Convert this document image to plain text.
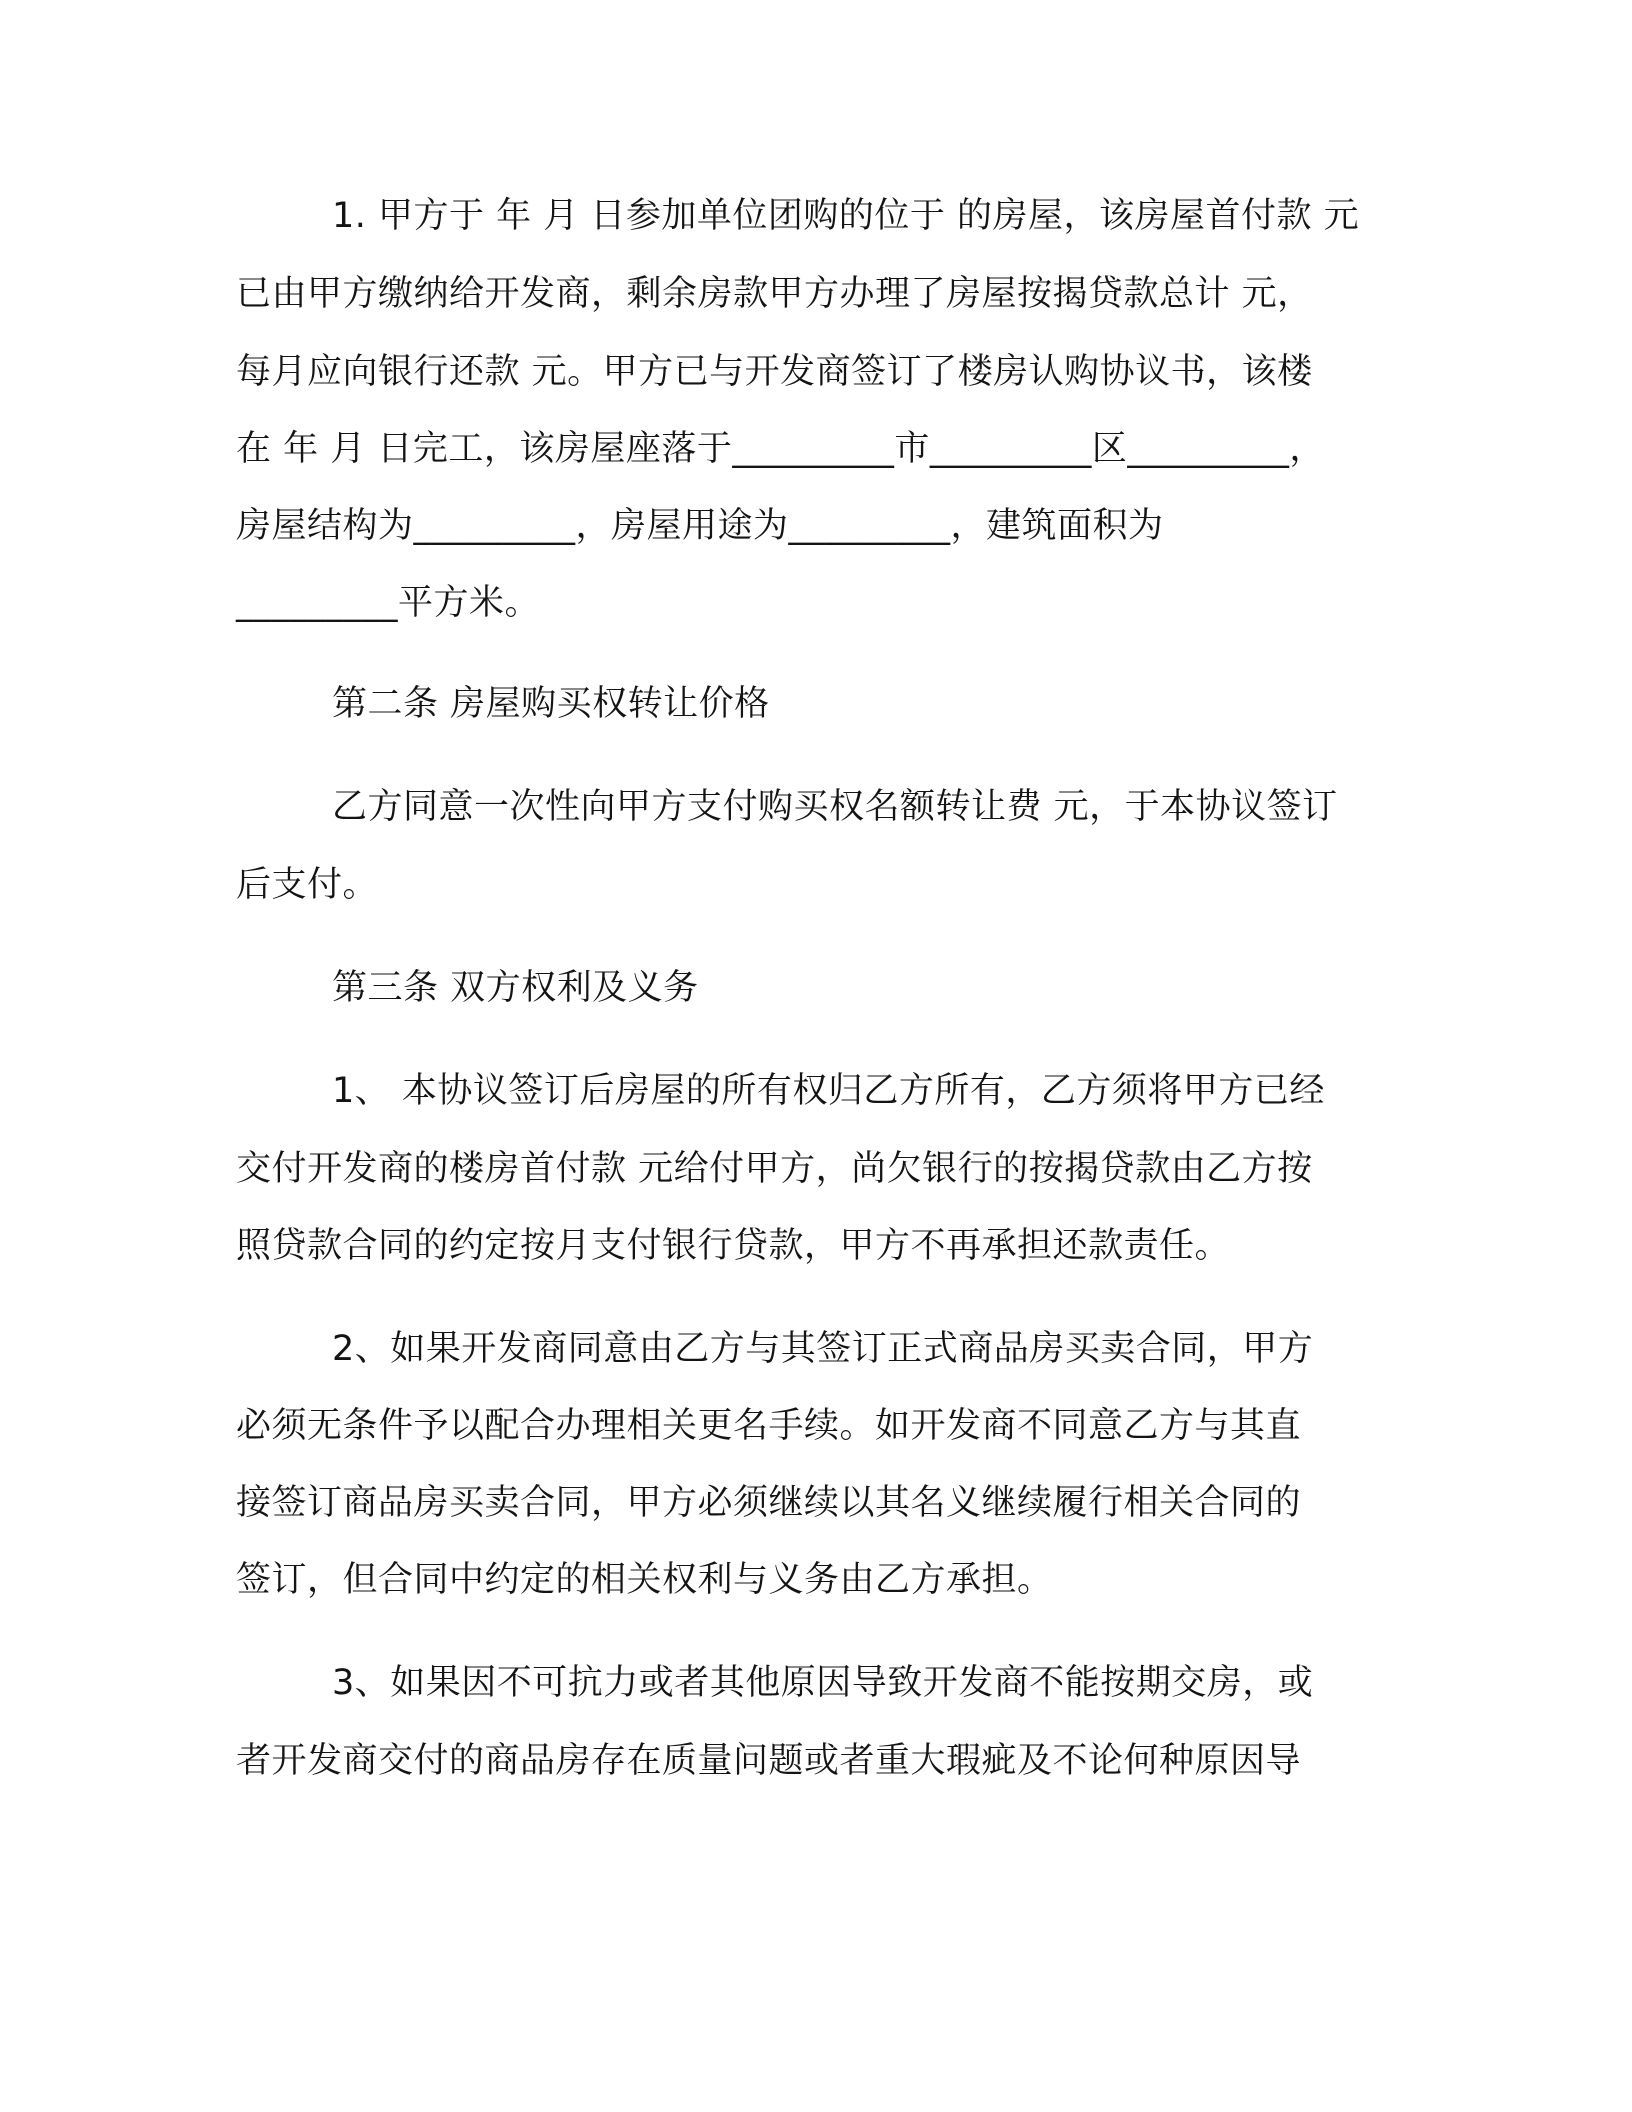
1. 甲方于 年 月 日参加单位团购的位于 的房屋，该房屋首付款 元
已由甲方缴纳给开发商，剩余房款甲方办理了房屋按揭贷款总计 元，
每月应向银行还款 元。甲方已与开发商签订了楼房认购协议书，该楼
在 年 月 日完工，该房屋座落于_________市_________区_________，
房屋结构为_________，房屋用途为_________，建筑面积为
_________平方米。
第二条 房屋购买权转让价格
乙方同意一次性向甲方支付购买权名额转让费 元，于本协议签订
后支付。
第三条 双方权利及义务
1、 本协议签订后房屋的所有权归乙方所有，乙方须将甲方已经
交付开发商的楼房首付款 元给付甲方，尚欠银行的按揭贷款由乙方按
照贷款合同的约定按月支付银行贷款，甲方不再承担还款责任。
2、如果开发商同意由乙方与其签订正式商品房买卖合同，甲方
必须无条件予以配合办理相关更名手续。如开发商不同意乙方与其直
接签订商品房买卖合同，甲方必须继续以其名义继续履行相关合同的
签订，但合同中约定的相关权利与义务由乙方承担。
3、如果因不可抗力或者其他原因导致开发商不能按期交房，或
者开发商交付的商品房存在质量问题或者重大瑕疵及不论何种原因导
